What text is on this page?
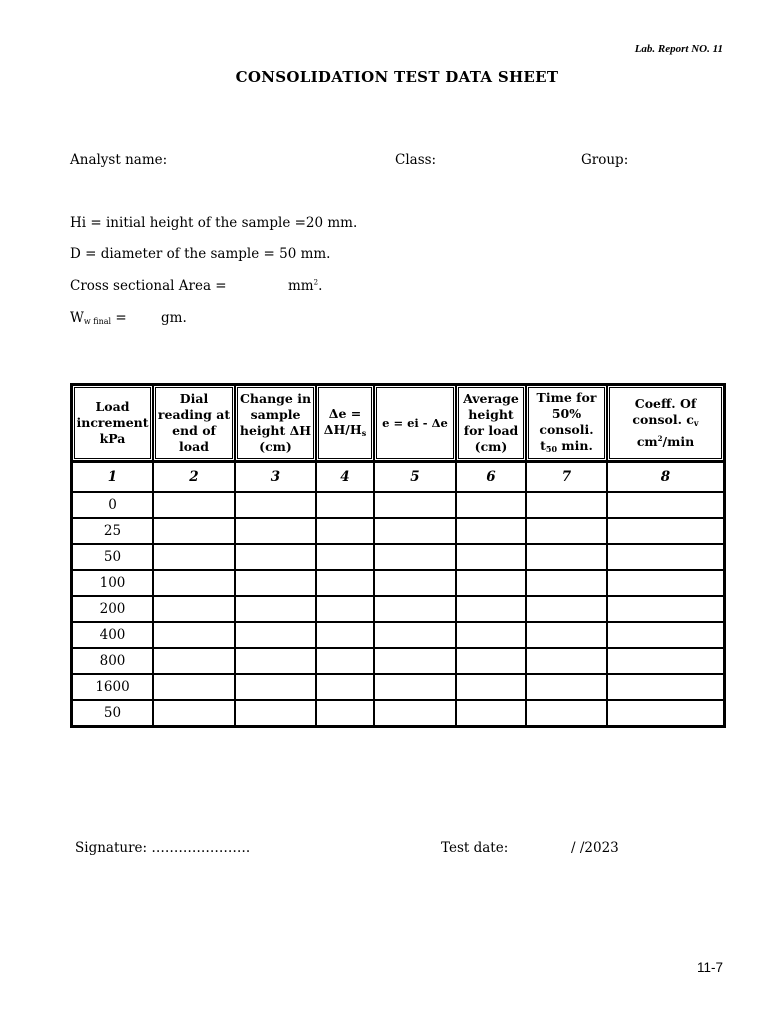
Lab. Report NO. 11
CONSOLIDATION TEST DATA SHEET
Analyst name:	Class:	Group:
Hi = initial height of the sample =20 mm.
D = diameter of the sample = 50 mm.
Cross sectional Area =	$mm^2$.
$W_{w final}$ =	gm.
Load
increment
kPa	Dial
reading at
end of
load	Change in
sample
height ΔH
(cm)	Δe =
$\Delta H/H_s$	e = ei - Δe	Average
height
for load
(cm)	Time for
50%
consoli.
$t_{50}$ min.	Coeff. Of
consol. $c_v$
$cm^2/\min$
1	2	3	4	5	6	7	8
0							
25							
50							
100							
200							
400							
800							
1600							
50							
Signature: ………………….	Test date:	/ /2023
11-7
